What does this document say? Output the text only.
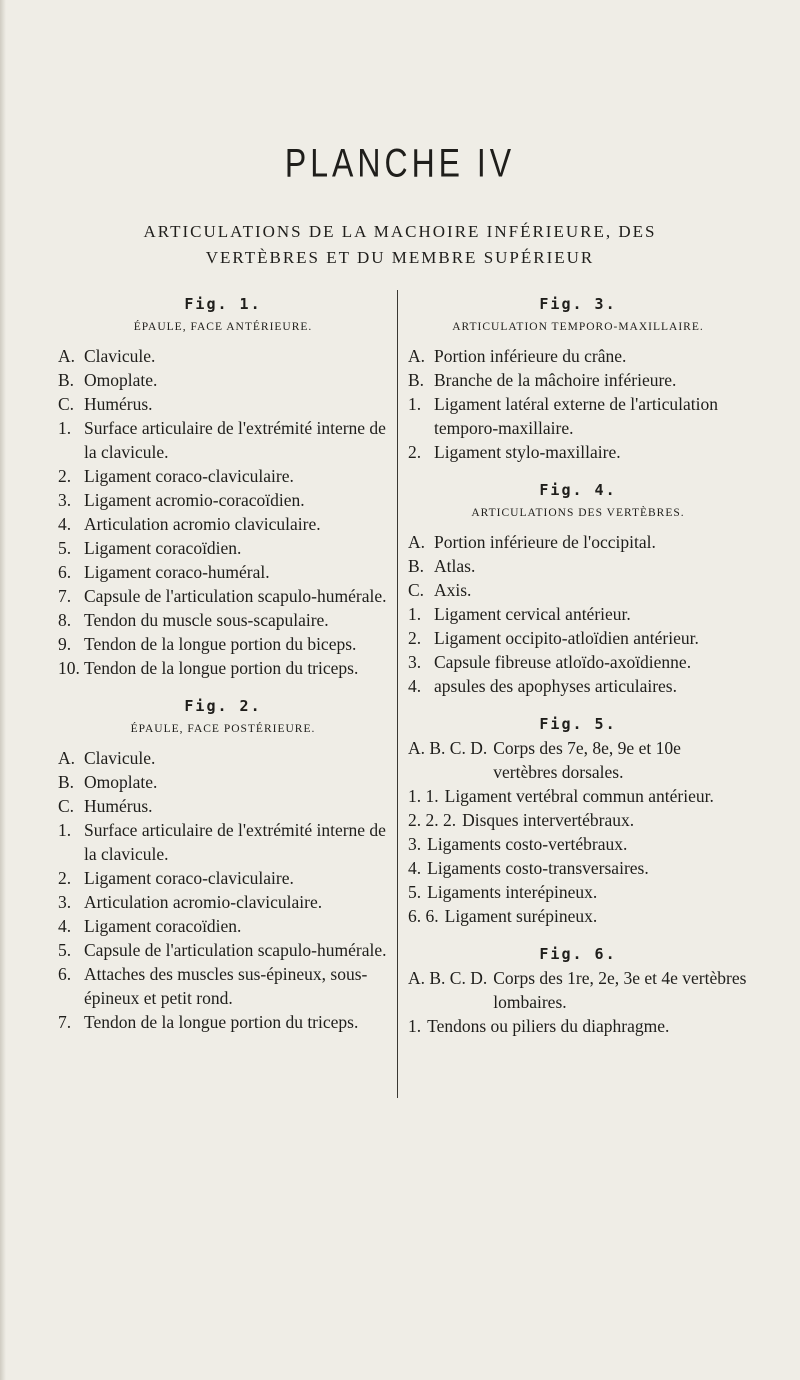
PLANCHE IV
ARTICULATIONS DE LA MACHOIRE INFÉRIEURE, DES
VERTÈBRES ET DU MEMBRE SUPÉRIEUR

Fig. 1.

ÉPAULE, FACE ANTÉRIEURE.

A. Clavicule.
B. Omoplate.
C. Humérus.
1. Surface articulaire de l'extrémité interne de la clavicule.
2. Ligament coraco-claviculaire.
3. Ligament acromio-coracoïdien.
4. Articulation acromio claviculaire.
5. Ligament coracoïdien.
6. Ligament coraco-huméral.
7. Capsule de l'articulation scapulo-humérale.
8. Tendon du muscle sous-scapulaire.
9. Tendon de la longue portion du biceps.
10. Tendon de la longue portion du triceps.

Fig. 2.

ÉPAULE, FACE POSTÉRIEURE.

A. Clavicule.
B. Omoplate.
C. Humérus.
1. Surface articulaire de l'extrémité interne de la clavicule.
2. Ligament coraco-claviculaire.
3. Articulation acromio-claviculaire.
4. Ligament coracoïdien.
5. Capsule de l'articulation scapulo-humérale.
6. Attaches des muscles sus-épineux, sous-épineux et petit rond.
7. Tendon de la longue portion du triceps.

Fig. 3.

ARTICULATION TEMPORO-MAXILLAIRE.

A. Portion inférieure du crâne.
B. Branche de la mâchoire inférieure.
1. Ligament latéral externe de l'articulation temporo-maxillaire.
2. Ligament stylo-maxillaire.

Fig. 4.

ARTICULATIONS DES VERTÈBRES.

A. Portion inférieure de l'occipital.
B. Atlas.
C. Axis.
1. Ligament cervical antérieur.
2. Ligament occipito-atloïdien antérieur.
3. Capsule fibreuse atloïdo-axoïdienne.
4. apsules des apophyses articulaires.

Fig. 5.

A. B. C. D. Corps des 7e, 8e, 9e et 10e vertèbres dorsales.
1. 1. Ligament vertébral commun antérieur.
2. 2. 2. Disques intervertébraux.
3. Ligaments costo-vertébraux.
4. Ligaments costo-transversaires.
5. Ligaments interépineux.
6. 6. Ligament surépineux.

Fig. 6.

A. B. C. D. Corps des 1re, 2e, 3e et 4e vertèbres lombaires.
1. Tendons ou piliers du diaphragme.
